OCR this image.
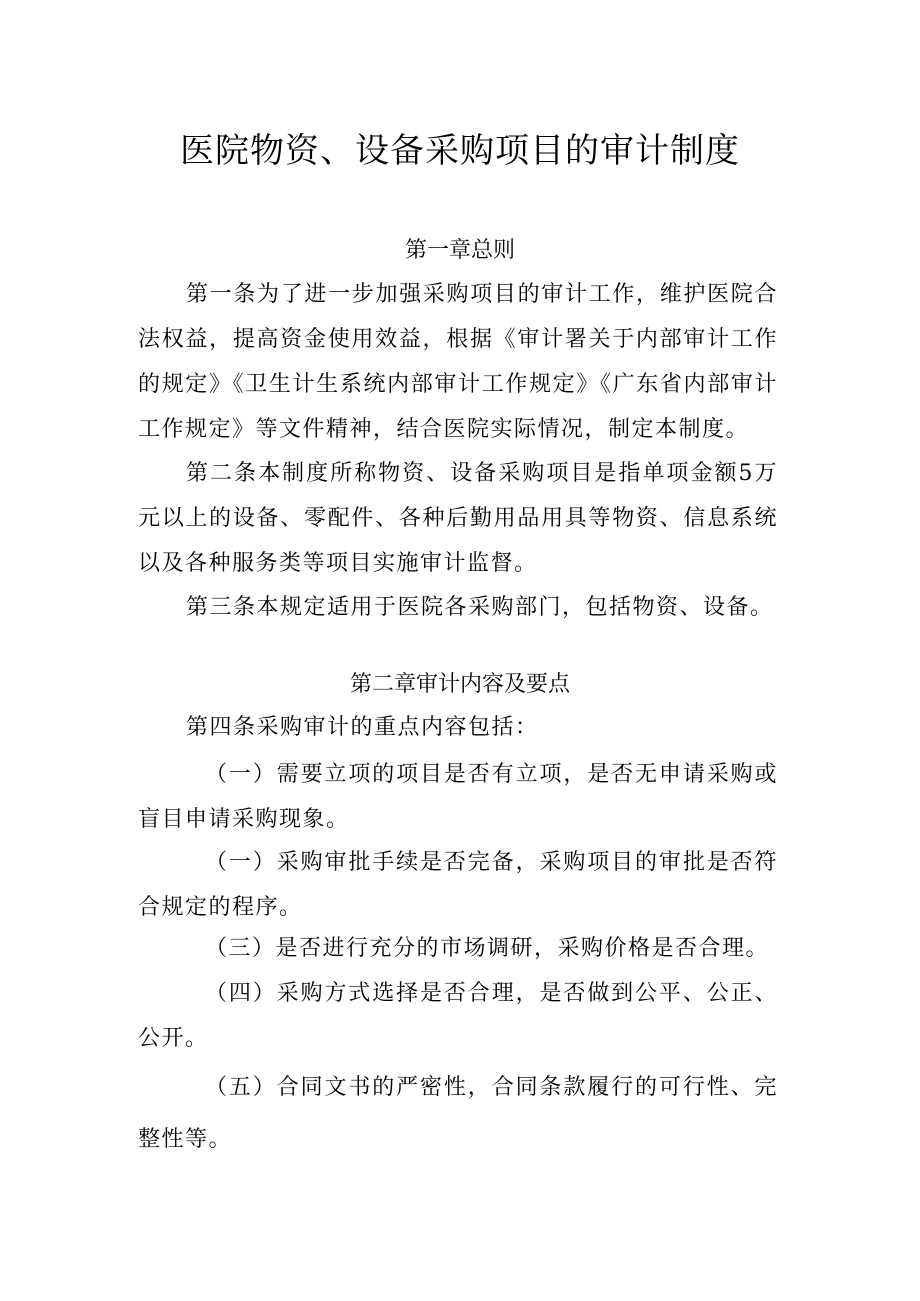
医院物资、设备采购项目的审计制度
第一章总则
第一条为了进一步加强采购项目的审计工作，维护医院合法权益，提高资金使用效益，根据《审计署关于内部审计工作的规定》《卫生计生系统内部审计工作规定》《广东省内部审计工作规定》等文件精神，结合医院实际情况，制定本制度。
第二条本制度所称物资、设备采购项目是指单项金额5万元以上的设备、零配件、各种后勤用品用具等物资、信息系统以及各种服务类等项目实施审计监督。
第三条本规定适用于医院各采购部门，包括物资、设备。
第二章审计内容及要点
第四条采购审计的重点内容包括：
（一）需要立项的项目是否有立项，是否无申请采购或盲目申请采购现象。
（一）采购审批手续是否完备，采购项目的审批是否符合规定的程序。
（三）是否进行充分的市场调研，采购价格是否合理。
（四）采购方式选择是否合理，是否做到公平、公正、公开。
（五）合同文书的严密性，合同条款履行的可行性、完整性等。
